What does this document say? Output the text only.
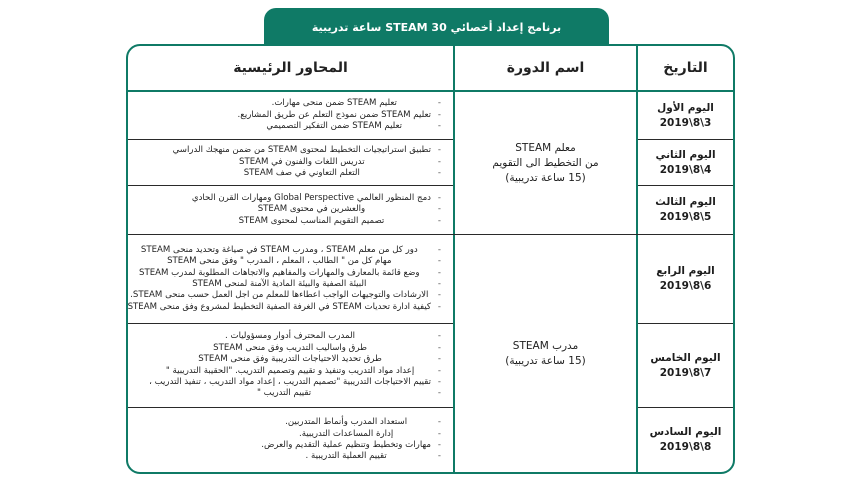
برنامج إعداد أخصائي STEAM 30 ساعة تدريبية
المحاور الرئيسية	اسم الدورة	التاريخ
- تعليم STEAM ضمن منحى مهارات.
- تعليم STEAM ضمن نموذج التعلم عن طريق المشاريع.
- تعليم STEAM ضمن التفكير التصميمي
اليوم الأول
3\8\2019
- تطبيق استراتيجيات التخطيط لمحتوى STEAM من ضمن منهجك الدراسي
- تدريس اللغات والفنون في STEAM
- التعلم التعاوني في صف STEAM
اليوم الثاني
4\8\2019
- دمج المنظور العالمي Global Perspective ومهارات القرن الحادي
- والعشرين في محتوى STEAM
- تصميم التقويم المناسب لمحتوى STEAM
اليوم الثالث
5\8\2019
معلم STEAM
من التخطيط الى التقويم
(15 ساعة تدريبية)
- دور كل من معلم STEAM ، ومدرب STEAM في صياغة وتحديد منحى STEAM
- مهام كل من " الطالب ، المعلم ، المدرب " وفق منحى STEAM
- وضع قائمة بالمعارف والمهارات والمفاهيم والاتجاهات المطلوبة لمدرب STEAM
- البيئة الصفية والبيئة المادية الآمنة لمنحى STEAM
- الارشادات والتوجيهات الواجب اعطاءها للمعلم من اجل العمل حسب منحى STEAM.
- كيفية ادارة تحديات STEAM في الغرفة الصفية التخطيط لمشروع وفق منحى STEAM
اليوم الرابع
6\8\2019
- المدرب المحترف أدوار ومسؤوليات .
- طرق واساليب التدريب وفق منحى STEAM
- طرق تحديد الاحتياجات التدريبية وفق منحى STEAM
- إعداد مواد التدريب وتنفيذ و تقييم وتصميم التدريب. "الحقيبة التدريبية "
- تقييم الاحتياجات التدريبية "تصميم التدريب ، إعداد مواد التدريب ، تنفيذ التدريب ،
- تقييم التدريب "
اليوم الخامس
7\8\2019
- استعداد المدرب وأنماط المتدربين.
- إدارة المساعدات التدريبية.
- مهارات وتخطيط وتنظيم عملية التقديم والعرض.
- تقييم العملية التدريبية .
اليوم السادس
8\8\2019
مدرب STEAM
(15 ساعة تدريبية)
